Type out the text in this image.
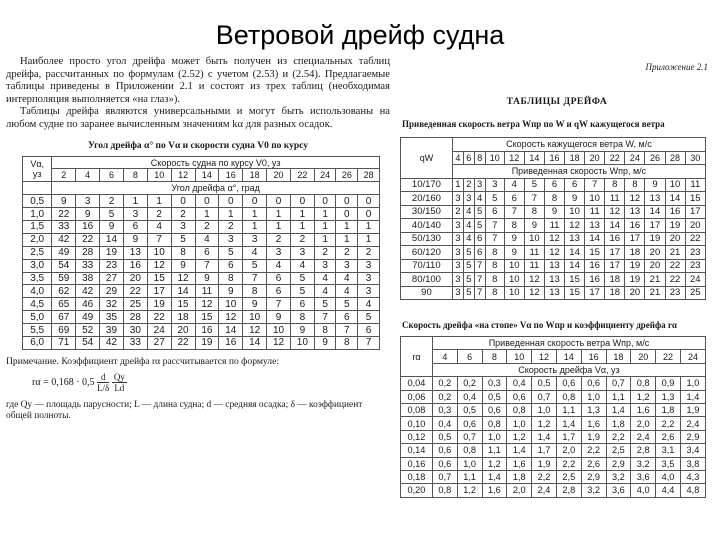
Ветровой дрейф судна

Наиболее просто угол дрейфа может быть получен из специальных таблиц дрейфа, рассчитанных по формулам (2.52) с учетом (2.53) и (2.54). Предлагаемые таблицы приведены в Приложении 2.1 и состоят из трех таблиц (необходимая интерполяция выполняется «на глаз»).

Таблицы дрейфа являются универсальными и могут быть использованы на любом судне по заранее вычисленным значениям kα для разных осадок.

Угол дрейфа α° по Vα и скорости судна V0 по курсу
Vα,
уз	Скорость судна по курсу V0, уз													
	2	4	6	8	10	12	14	16	18	20	22	24	26	28
	Угол дрейфа α°, град													
0,5	9	3	2	1	1	0	0	0	0	0	0	0	0	0
1,0	22	9	5	3	2	2	1	1	1	1	1	1	0	0
1,5	33	16	9	6	4	3	2	2	1	1	1	1	1	1
2,0	42	22	14	9	7	5	4	3	3	2	2	1	1	1
2,5	49	28	19	13	10	8	6	5	4	3	3	2	2	2
3,0	54	33	23	16	12	9	7	6	5	4	4	3	3	3
3,5	59	38	27	20	15	12	9	8	7	6	5	4	4	3
4,0	62	42	29	22	17	14	11	9	8	6	5	4	4	3
4,5	65	46	32	25	19	15	12	10	9	7	6	5	5	4
5,0	67	49	35	28	22	18	15	12	10	9	8	7	6	5
5,5	69	52	39	30	24	20	16	14	12	10	9	8	7	6
6,0	71	54	42	33	27	22	19	16	14	12	10	9	8	7

Примечание. Коэффициент дрейфа rα рассчитывается по формуле:

$r\alpha = 0,168 \cdot 0,5 \frac{d}{L/\delta}$
$\frac{Qy}{Ld}$

где Qy — площадь парусности; L — длина судна; d — средняя осадка; δ — коэффициент общей полноты.

Приложение 2.1
ТАБЛИЦЫ ДРЕЙФА
Приведенная скорость ветра Wпр по W и qW кажущегося ветра
qW	Скорость кажущегося ветра W, м/с													
	4	6	8	10	12	14	16	18	20	22	24	26	28	30
	Приведенная скорость Wпр, м/с													
10/170	1	2	3	3	4	5	6	6	7	8	8	9	10	11
20/160	3	3	4	5	6	7	8	9	10	11	12	13	14	15
30/150	2	4	5	6	7	8	9	10	11	12	13	14	16	17
40/140	3	4	5	7	8	9	11	12	13	14	16	17	19	20
50/130	3	4	6	7	9	10	12	13	14	16	17	19	20	22
60/120	3	5	6	8	9	11	12	14	15	17	18	20	21	23
70/110	3	5	7	8	10	11	13	14	16	17	19	20	22	23
80/100	3	5	7	8	10	12	13	15	16	18	19	21	22	24
90	3	5	7	8	10	12	13	15	17	18	20	21	23	25
Скорость дрейфа «на стопе» Vα по Wпр и коэффициенту дрейфа rα
rα	Приведенная скорость ветра Wпр, м/с										
	4	6	8	10	12	14	16	18	20	22	24
	Скорость дрейфа Vα, уз										
0,04	0,2	0,2	0,3	0,4	0,5	0,6	0,6	0,7	0,8	0,9	1,0
0,06	0,2	0,4	0,5	0,6	0,7	0,8	1,0	1,1	1,2	1,3	1,4
0,08	0,3	0,5	0,6	0,8	1,0	1,1	1,3	1,4	1,6	1,8	1,9
0,10	0,4	0,6	0,8	1,0	1,2	1,4	1,6	1,8	2,0	2,2	2,4
0,12	0,5	0,7	1,0	1,2	1,4	1,7	1,9	2,2	2,4	2,6	2,9
0,14	0,6	0,8	1,1	1,4	1,7	2,0	2,2	2,5	2,8	3,1	3,4
0,16	0,6	1,0	1,2	1,6	1,9	2,2	2,6	2,9	3,2	3,5	3,8
0,18	0,7	1,1	1,4	1,8	2,2	2,5	2,9	3,2	3,6	4,0	4,3
0,20	0,8	1,2	1,6	2,0	2,4	2,8	3,2	3,6	4,0	4,4	4,8
